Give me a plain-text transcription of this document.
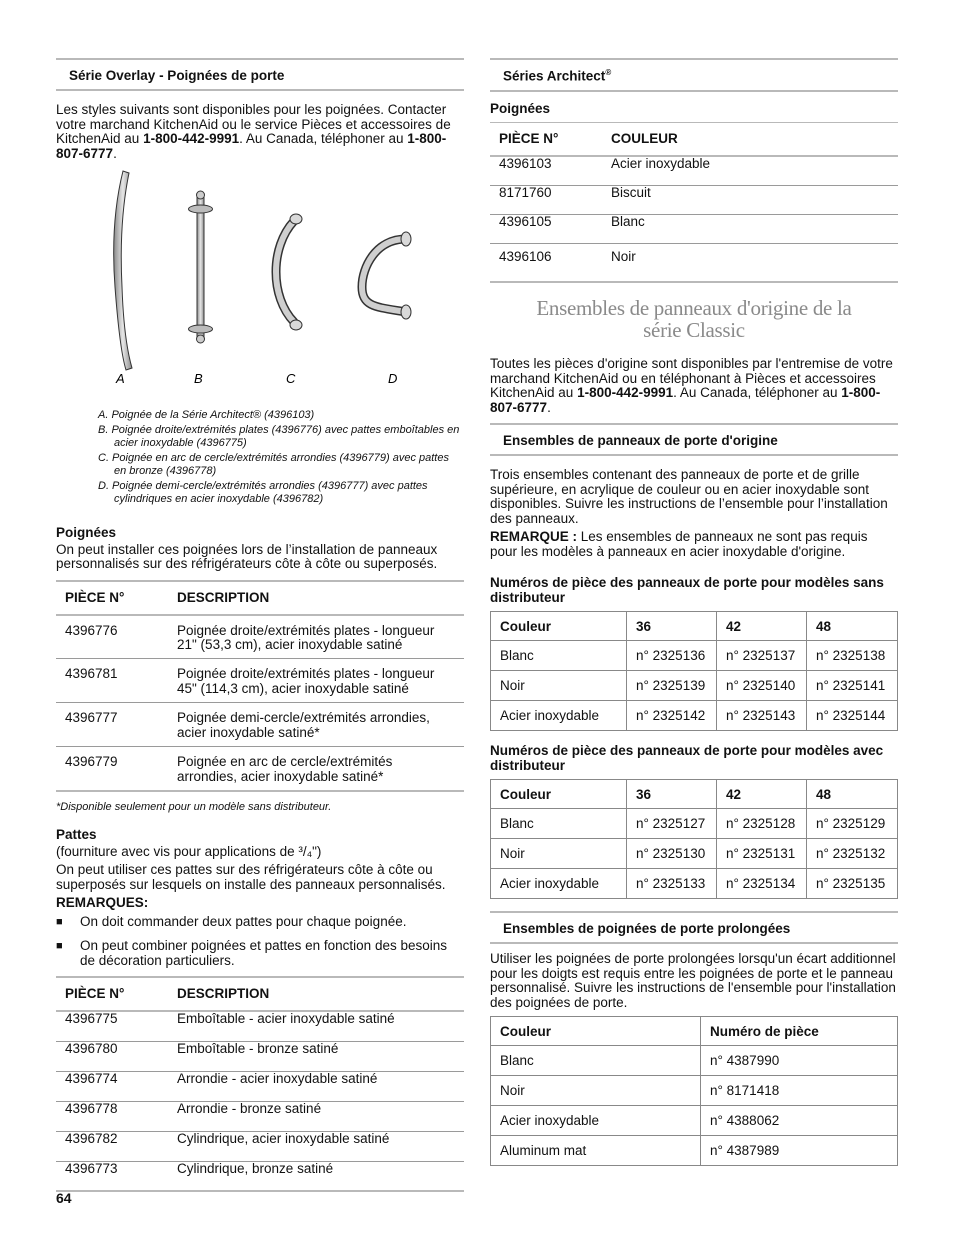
Série Overlay - Poignées de porte

Les styles suivants sont disponibles pour les poignées. Contacter votre marchand KitchenAid ou le service Pièces et accessoires de KitchenAid au 1-800-442-9991. Au Canada, téléphoner au 1-800-807-6777.

A	B	C	D
A. Poignée de la Série Architect® (4396103)
B. Poignée droite/extrémités plates (4396776) avec pattes emboîtables en acier inoxydable (4396775)
C. Poignée en arc de cercle/extrémités arrondies (4396779) avec pattes en bronze (4396778)
D. Poignée demi-cercle/extrémités arrondies (4396777) avec pattes cylindriques en acier inoxydable (4396782)

Poignées

On peut installer ces poignées lors de l’installation de panneaux personnalisés sur des réfrigérateurs côte à côte ou superposés.

PIÈCE N°	DESCRIPTION
4396776	Poignée droite/extrémités plates - longueur 21" (53,3 cm), acier inoxydable satiné
4396781	Poignée droite/extrémités plates - longueur 45" (114,3 cm), acier inoxydable satiné
4396777	Poignée demi-cercle/extrémités arrondies, acier inoxydable satiné*
4396779	Poignée en arc de cercle/extrémités arrondies, acier inoxydable satiné*

*Disponible seulement pour un modèle sans distributeur.

Pattes

(fourniture avec vis pour applications de ³/₄")

On peut utiliser ces pattes sur des réfrigérateurs côte à côte ou superposés sur lesquels on installe des panneaux personnalisés.

REMARQUES:

■	On doit commander deux pattes pour chaque poignée.
■	On peut combiner poignées et pattes en fonction des besoins de décoration particuliers.
PIÈCE N°	DESCRIPTION
4396775	Emboîtable - acier inoxydable satiné
4396780	Emboîtable - bronze satiné
4396774	Arrondie - acier inoxydable satiné
4396778	Arrondie - bronze satiné
4396782	Cylindrique, acier inoxydable satiné
4396773	Cylindrique, bronze satiné
Séries Architect®

Poignées

PIÈCE N°	COULEUR
4396103	Acier inoxydable
8171760	Biscuit
4396105	Blanc
4396106	Noir
Ensembles de panneaux d'origine de la
série Classic

Toutes les pièces d'origine sont disponibles par l'entremise de votre marchand KitchenAid ou en téléphonant à Pièces et accessoires KitchenAid au 1-800-442-9991. Au Canada, téléphoner au 1-800-807-6777.

Ensembles de panneaux de porte d'origine

Trois ensembles contenant des panneaux de porte et de grille supérieure, en acrylique de couleur ou en acier inoxydable sont disponibles. Suivre les instructions de l’ensemble pour l’installation des panneaux.

REMARQUE : Les ensembles de panneaux ne sont pas requis pour les modèles à panneaux en acier inoxydable d'origine.

Numéros de pièce des panneaux de porte pour modèles sans distributeur

Couleur	36	42	48
Blanc	n° 2325136	n° 2325137	n° 2325138
Noir	n° 2325139	n° 2325140	n° 2325141
Acier inoxydable	n° 2325142	n° 2325143	n° 2325144

Numéros de pièce des panneaux de porte pour modèles avec distributeur

Couleur	36	42	48
Blanc	n° 2325127	n° 2325128	n° 2325129
Noir	n° 2325130	n° 2325131	n° 2325132
Acier inoxydable	n° 2325133	n° 2325134	n° 2325135
Ensembles de poignées de porte prolongées

Utiliser les poignées de porte prolongées lorsqu'un écart additionnel pour les doigts est requis entre les poignées de porte et le panneau personnalisé. Suivre les instructions de l'ensemble pour l'installation des poignées de porte.

Couleur	Numéro de pièce
Blanc	n° 4387990
Noir	n° 8171418
Acier inoxydable	n° 4388062
Aluminum mat	n° 4387989
64
